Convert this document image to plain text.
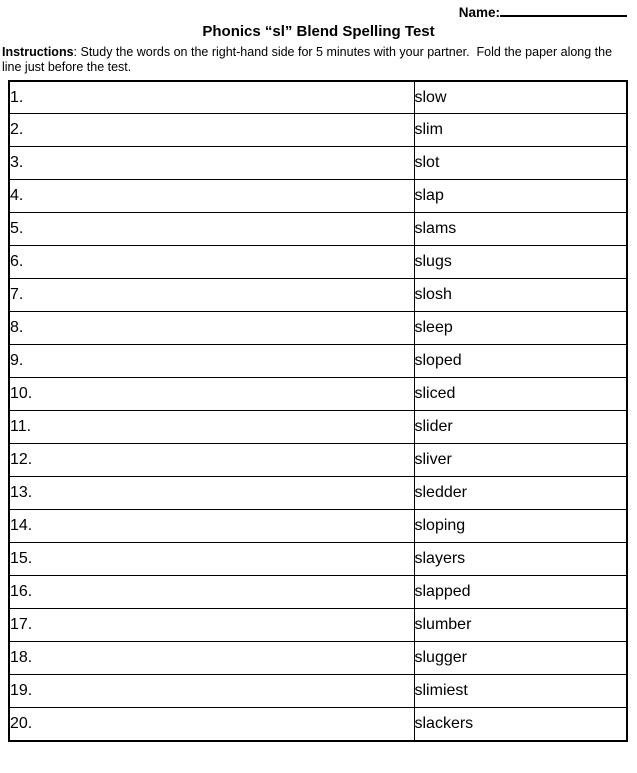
Name:
Phonics “sl” Blend Spelling Test
Instructions: Study the words on the right-hand side for 5 minutes with your partner.  Fold the paper along the line just before the test.
1.	slow
2.	slim
3.	slot
4.	slap
5.	slams
6.	slugs
7.	slosh
8.	sleep
9.	sloped
10.	sliced
11.	slider
12.	sliver
13.	sledder
14.	sloping
15.	slayers
16.	slapped
17.	slumber
18.	slugger
19.	slimiest
20.	slackers
